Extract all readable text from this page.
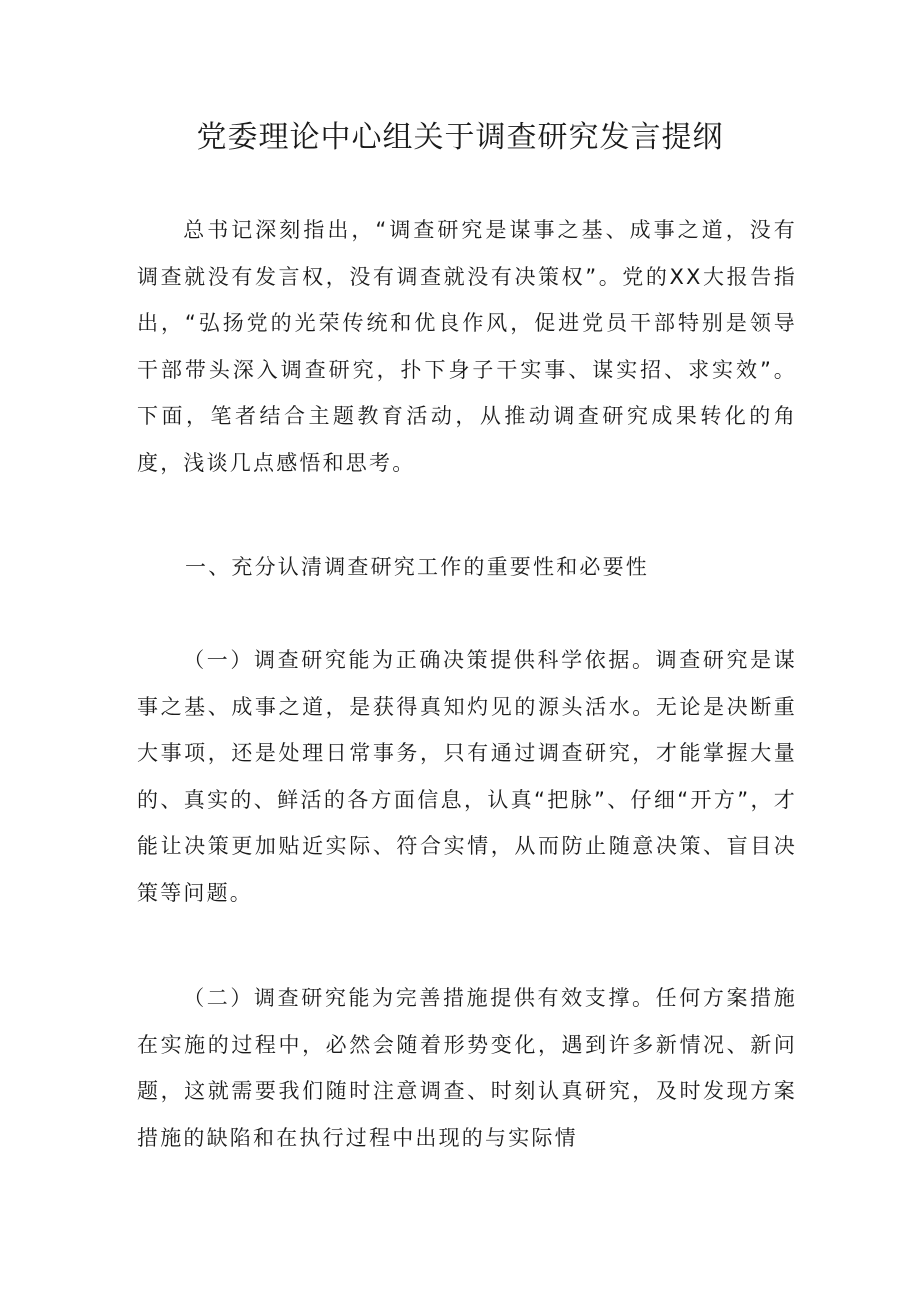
党委理论中心组关于调查研究发言提纲

总书记深刻指出，“调查研究是谋事之基、成事之道，没有调查就没有发言权，没有调查就没有决策权”。党的XX大报告指出，“弘扬党的光荣传统和优良作风，促进党员干部特别是领导干部带头深入调查研究，扑下身子干实事、谋实招、求实效”。下面，笔者结合主题教育活动，从推动调查研究成果转化的角度，浅谈几点感悟和思考。

一、充分认清调查研究工作的重要性和必要性

（一）调查研究能为正确决策提供科学依据。调查研究是谋事之基、成事之道，是获得真知灼见的源头活水。无论是决断重大事项，还是处理日常事务，只有通过调查研究，才能掌握大量的、真实的、鲜活的各方面信息，认真“把脉”、仔细“开方”，才能让决策更加贴近实际、符合实情，从而防止随意决策、盲目决策等问题。

（二）调查研究能为完善措施提供有效支撑。任何方案措施在实施的过程中，必然会随着形势变化，遇到许多新情况、新问题，这就需要我们随时注意调查、时刻认真研究，及时发现方案措施的缺陷和在执行过程中出现的与实际情
